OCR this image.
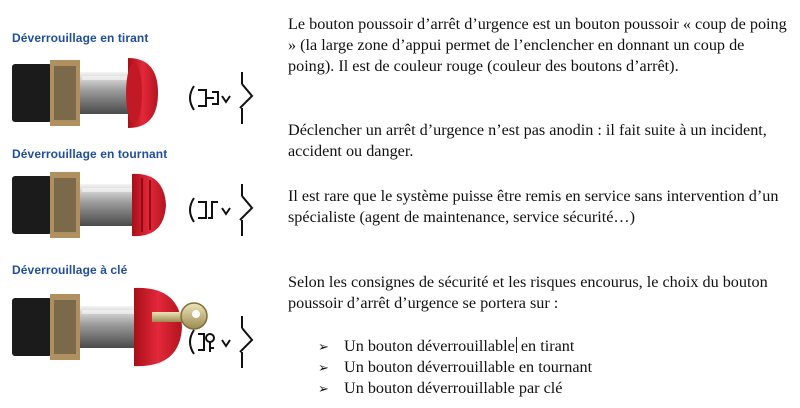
Déverrouillage en tirant
Déverrouillage en tournant
Déverrouillage à clé

Le bouton poussoir d’arrêt d’urgence est un bouton poussoir « coup de poing » (la large zone d’appui permet de l’enclencher en donnant un coup de poing). Il est de couleur rouge (couleur des boutons d’arrêt).

Déclencher un arrêt d’urgence n’est pas anodin : il fait suite à un incident, accident ou danger.

Il est rare que le système puisse être remis en service sans intervention d’un spécialiste (agent de maintenance, service sécurité…)

Selon les consignes de sécurité et les risques encourus, le choix du bouton poussoir d’arrêt d’urgence se portera sur :

➢ Un bouton déverrouillable en tirant
➢ Un bouton déverrouillable en tournant
➢ Un bouton déverrouillable par clé
